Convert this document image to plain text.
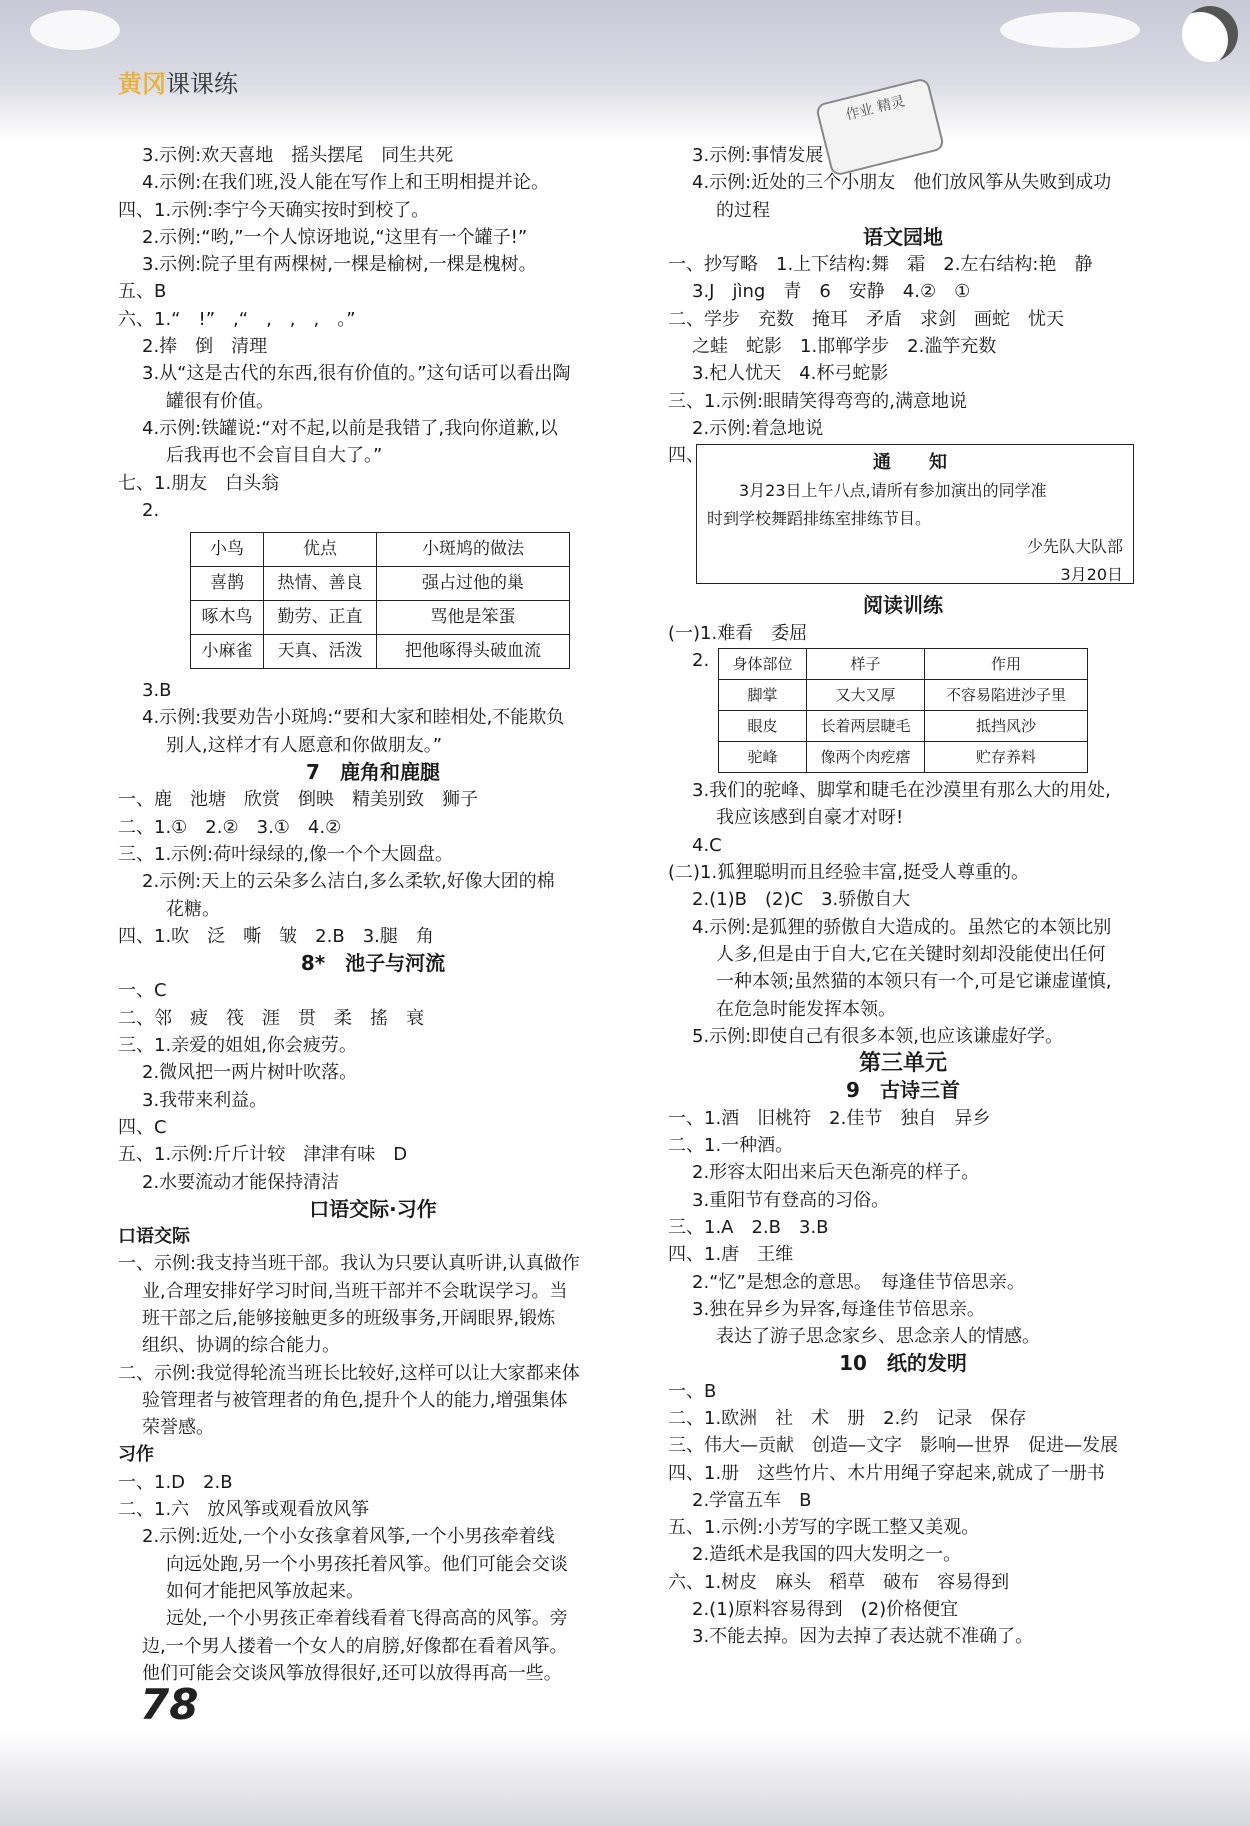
黄冈课课练
作业 精灵
3.示例:欢天喜地　摇头摆尾　同生共死
4.示例:在我们班,没人能在写作上和王明相提并论。
四、1.示例:李宁今天确实按时到校了。
2.示例:“哟,”一个人惊讶地说,“这里有一个罐子!”
3.示例:院子里有两棵树,一棵是榆树,一棵是槐树。
五、B
六、1.“　!”　,“　,　,　,　。”
2.捧　倒　清理
3.从“这是古代的东西,很有价值的。”这句话可以看出陶
罐很有价值。
4.示例:铁罐说:“对不起,以前是我错了,我向你道歉,以
后我再也不会盲目自大了。”
七、1.朋友　白头翁
2.
小鸟	优点	小斑鸠的做法
喜鹊	热情、善良	强占过他的巢
啄木鸟	勤劳、正直	骂他是笨蛋
小麻雀	天真、活泼	把他啄得头破血流
3.B
4.示例:我要劝告小斑鸠:“要和大家和睦相处,不能欺负
别人,这样才有人愿意和你做朋友。”
7　鹿角和鹿腿
一、鹿　池塘　欣赏　倒映　精美别致　狮子
二、1.①　2.②　3.①　4.②
三、1.示例:荷叶绿绿的,像一个个大圆盘。
2.示例:天上的云朵多么洁白,多么柔软,好像大团的棉
花糖。
四、1.吹　泛　嘶　皱　2.B　3.腿　角
8*　池子与河流
一、C
二、邻　疲　筏　涯　贯　柔　搖　衰
三、1.亲爱的姐姐,你会疲劳。
2.微风把一两片树叶吹落。
3.我带来利益。
四、C
五、1.示例:斤斤计较　津津有味　D
2.水要流动才能保持清洁
口语交际·习作
口语交际
一、示例:我支持当班干部。我认为只要认真听讲,认真做作
业,合理安排好学习时间,当班干部并不会耽误学习。当
班干部之后,能够接触更多的班级事务,开阔眼界,锻炼
组织、协调的综合能力。
二、示例:我觉得轮流当班长比较好,这样可以让大家都来体
验管理者与被管理者的角色,提升个人的能力,增强集体
荣誉感。
习作
一、1.D　2.B
二、1.六　放风筝或观看放风筝
2.示例:近处,一个小女孩拿着风筝,一个小男孩牵着线
向远处跑,另一个小男孩托着风筝。他们可能会交谈
如何才能把风筝放起来。
远处,一个小男孩正牵着线看着飞得高高的风筝。旁
边,一个男人搂着一个女人的肩膀,好像都在看着风筝。
他们可能会交谈风筝放得很好,还可以放得再高一些。
3.示例:事情发展
4.示例:近处的三个小朋友　他们放风筝从失败到成功
的过程
语文园地
一、抄写略　1.上下结构:舞　霜　2.左右结构:艳　静
3.J　jìng　青　6　安静　4.②　①
二、学步　充数　掩耳　矛盾　求剑　画蛇　忧天
之蛙　蛇影　1.邯郸学步　2.滥竽充数
3.杞人忧天　4.杯弓蛇影
三、1.示例:眼睛笑得弯弯的,满意地说
2.示例:着急地说
四、	通　知
3月23日上午八点,请所有参加演出的同学准
时到学校舞蹈排练室排练节目。
少先队大队部
3月20日
阅读训练
(一)1.难看　委屈
2.	身体部位	样子	作用
脚掌	又大又厚	不容易陷进沙子里
眼皮	长着两层睫毛	抵挡风沙
驼峰	像两个肉疙瘩	贮存养料
3.我们的驼峰、脚掌和睫毛在沙漠里有那么大的用处,
我应该感到自豪才对呀!
4.C
(二)1.狐狸聪明而且经验丰富,挺受人尊重的。
2.(1)B　(2)C　3.骄傲自大
4.示例:是狐狸的骄傲自大造成的。虽然它的本领比别
人多,但是由于自大,它在关键时刻却没能使出任何
一种本领;虽然猫的本领只有一个,可是它谦虚谨慎,
在危急时能发挥本领。
5.示例:即使自己有很多本领,也应该谦虚好学。
第三单元
9　古诗三首
一、1.酒　旧桃符　2.佳节　独自　异乡
二、1.一种酒。
2.形容太阳出来后天色渐亮的样子。
3.重阳节有登高的习俗。
三、1.A　2.B　3.B
四、1.唐　王维
2.“忆”是想念的意思。　每逢佳节倍思亲。
3.独在异乡为异客,每逢佳节倍思亲。
表达了游子思念家乡、思念亲人的情感。
10　纸的发明
一、B
二、1.欧洲　社　术　册　2.约　记录　保存
三、伟大—贡献　创造—文字　影响—世界　促进—发展
四、1.册　这些竹片、木片用绳子穿起来,就成了一册书
2.学富五车　B
五、1.示例:小芳写的字既工整又美观。
2.造纸术是我国的四大发明之一。
六、1.树皮　麻头　稻草　破布　容易得到
2.(1)原料容易得到　(2)价格便宜
3.不能去掉。因为去掉了表达就不准确了。
78
